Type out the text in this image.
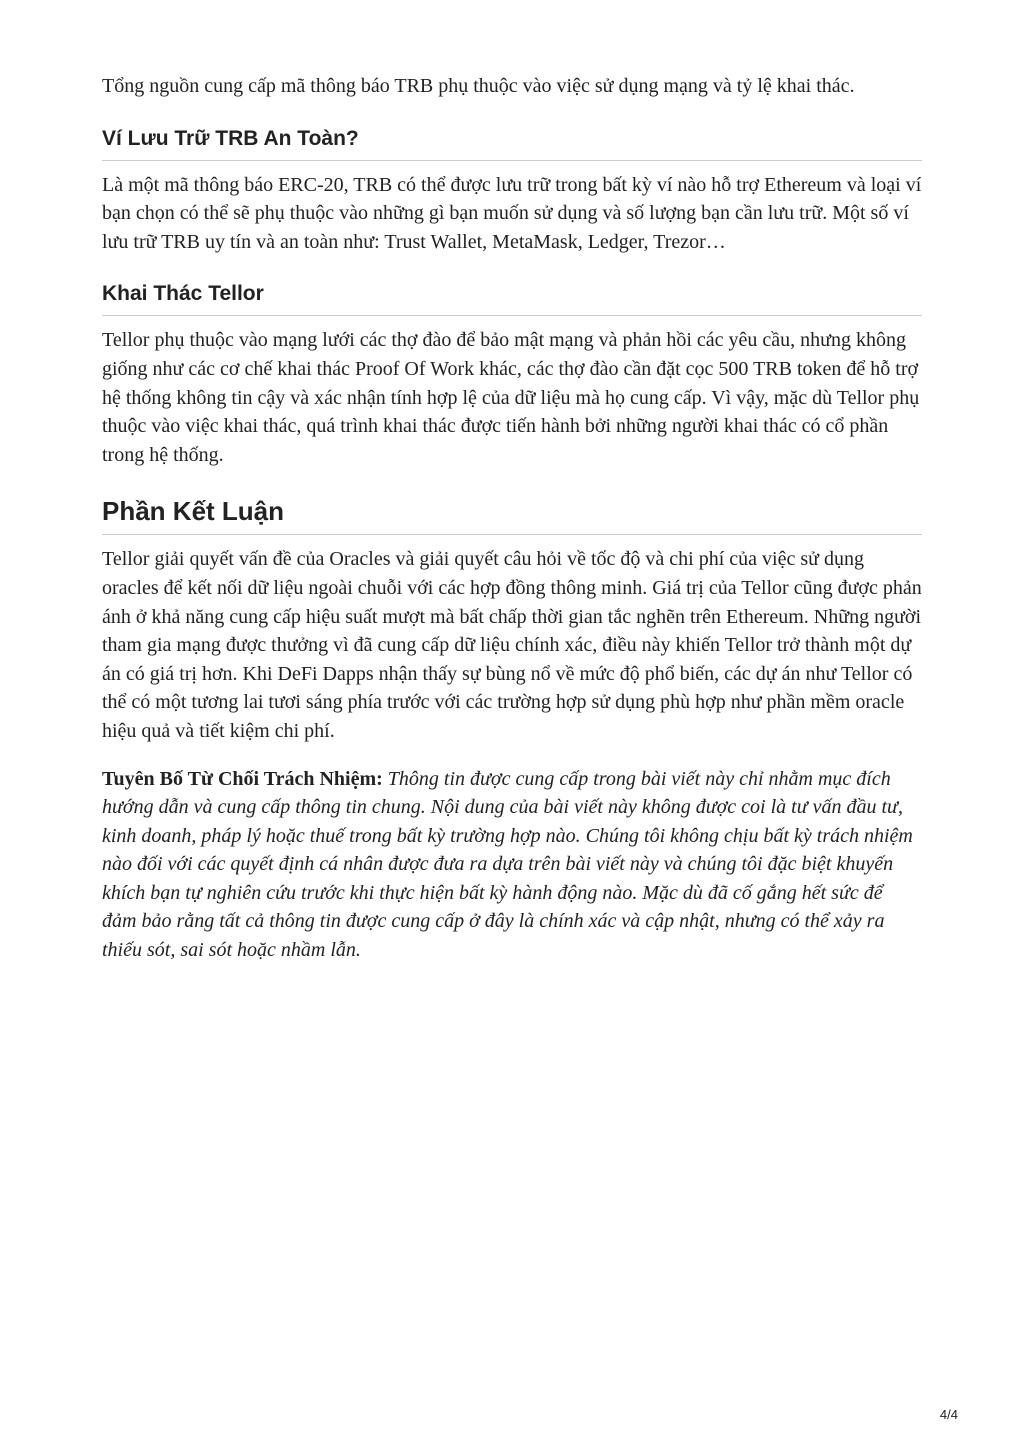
Tổng nguồn cung cấp mã thông báo TRB phụ thuộc vào việc sử dụng mạng và tỷ lệ khai thác.

Ví Lưu Trữ TRB An Toàn?

Là một mã thông báo ERC-20, TRB có thể được lưu trữ trong bất kỳ ví nào hỗ trợ Ethereum và loại ví bạn chọn có thể sẽ phụ thuộc vào những gì bạn muốn sử dụng và số lượng bạn cần lưu trữ. Một số ví lưu trữ TRB uy tín và an toàn như: Trust Wallet, MetaMask, Ledger, Trezor…

Khai Thác Tellor

Tellor phụ thuộc vào mạng lưới các thợ đào để bảo mật mạng và phản hồi các yêu cầu, nhưng không giống như các cơ chế khai thác Proof Of Work khác, các thợ đào cần đặt cọc 500 TRB token để hỗ trợ hệ thống không tin cậy và xác nhận tính hợp lệ của dữ liệu mà họ cung cấp. Vì vậy, mặc dù Tellor phụ thuộc vào việc khai thác, quá trình khai thác được tiến hành bởi những người khai thác có cổ phần trong hệ thống.

Phần Kết Luận

Tellor giải quyết vấn đề của Oracles và giải quyết câu hỏi về tốc độ và chi phí của việc sử dụng oracles để kết nối dữ liệu ngoài chuỗi với các hợp đồng thông minh. Giá trị của Tellor cũng được phản ánh ở khả năng cung cấp hiệu suất mượt mà bất chấp thời gian tắc nghẽn trên Ethereum. Những người tham gia mạng được thưởng vì đã cung cấp dữ liệu chính xác, điều này khiến Tellor trở thành một dự án có giá trị hơn. Khi DeFi Dapps nhận thấy sự bùng nổ về mức độ phổ biến, các dự án như Tellor có thể có một tương lai tươi sáng phía trước với các trường hợp sử dụng phù hợp như phần mềm oracle hiệu quả và tiết kiệm chi phí.

Tuyên Bố Từ Chối Trách Nhiệm: Thông tin được cung cấp trong bài viết này chỉ nhằm mục đích hướng dẫn và cung cấp thông tin chung. Nội dung của bài viết này không được coi là tư vấn đầu tư, kinh doanh, pháp lý hoặc thuế trong bất kỳ trường hợp nào. Chúng tôi không chịu bất kỳ trách nhiệm nào đối với các quyết định cá nhân được đưa ra dựa trên bài viết này và chúng tôi đặc biệt khuyến khích bạn tự nghiên cứu trước khi thực hiện bất kỳ hành động nào. Mặc dù đã cố gắng hết sức để đảm bảo rằng tất cả thông tin được cung cấp ở đây là chính xác và cập nhật, nhưng có thể xảy ra thiếu sót, sai sót hoặc nhầm lẫn.

4/4
